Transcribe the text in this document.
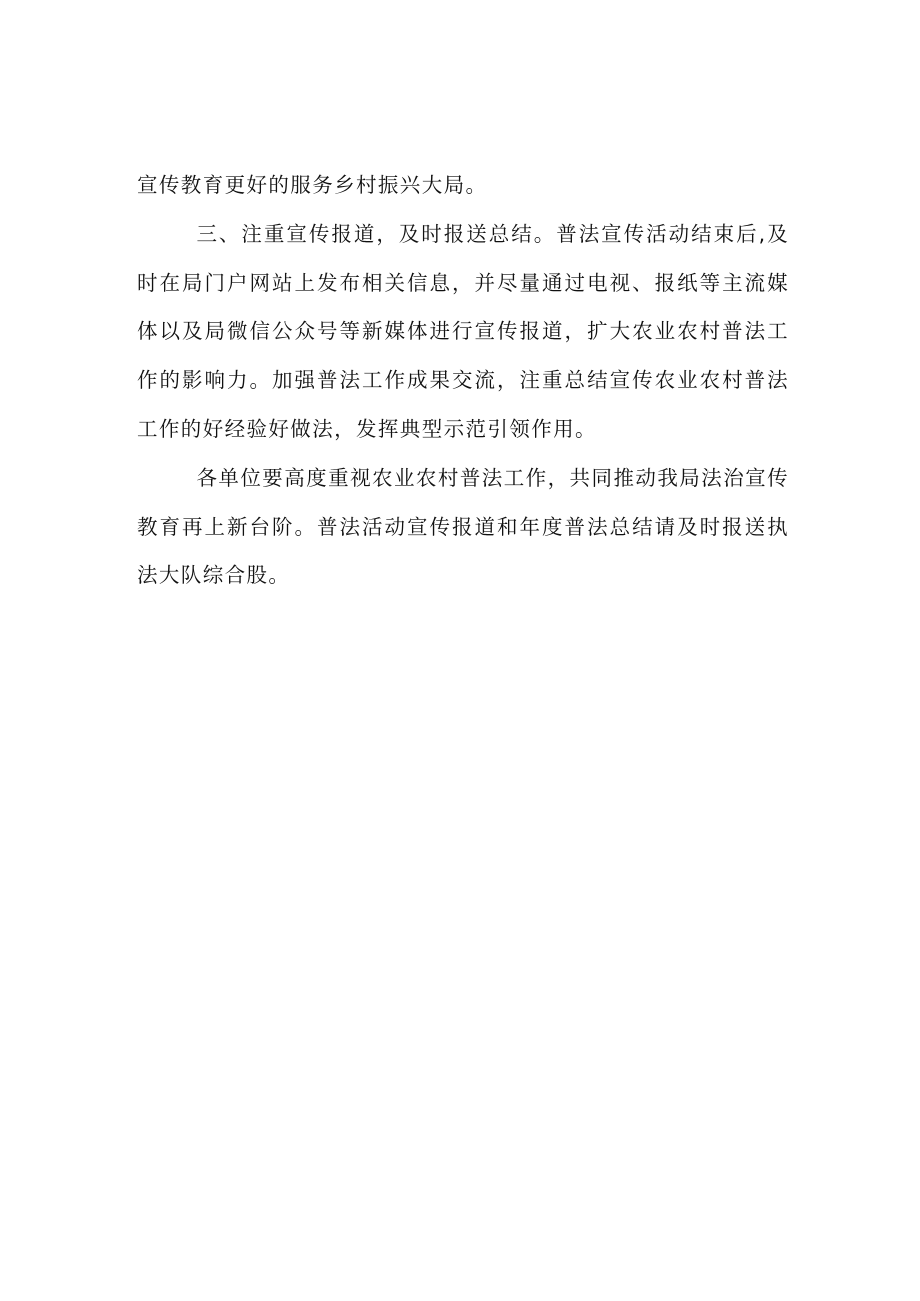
宣传教育更好的服务乡村振兴大局。

三、注重宣传报道，及时报送总结。普法宣传活动结束后,及时在局门户网站上发布相关信息，并尽量通过电视、报纸等主流媒体以及局微信公众号等新媒体进行宣传报道，扩大农业农村普法工作的影响力。加强普法工作成果交流，注重总结宣传农业农村普法工作的好经验好做法，发挥典型示范引领作用。

各单位要高度重视农业农村普法工作，共同推动我局法治宣传教育再上新台阶。普法活动宣传报道和年度普法总结请及时报送执法大队综合股。
